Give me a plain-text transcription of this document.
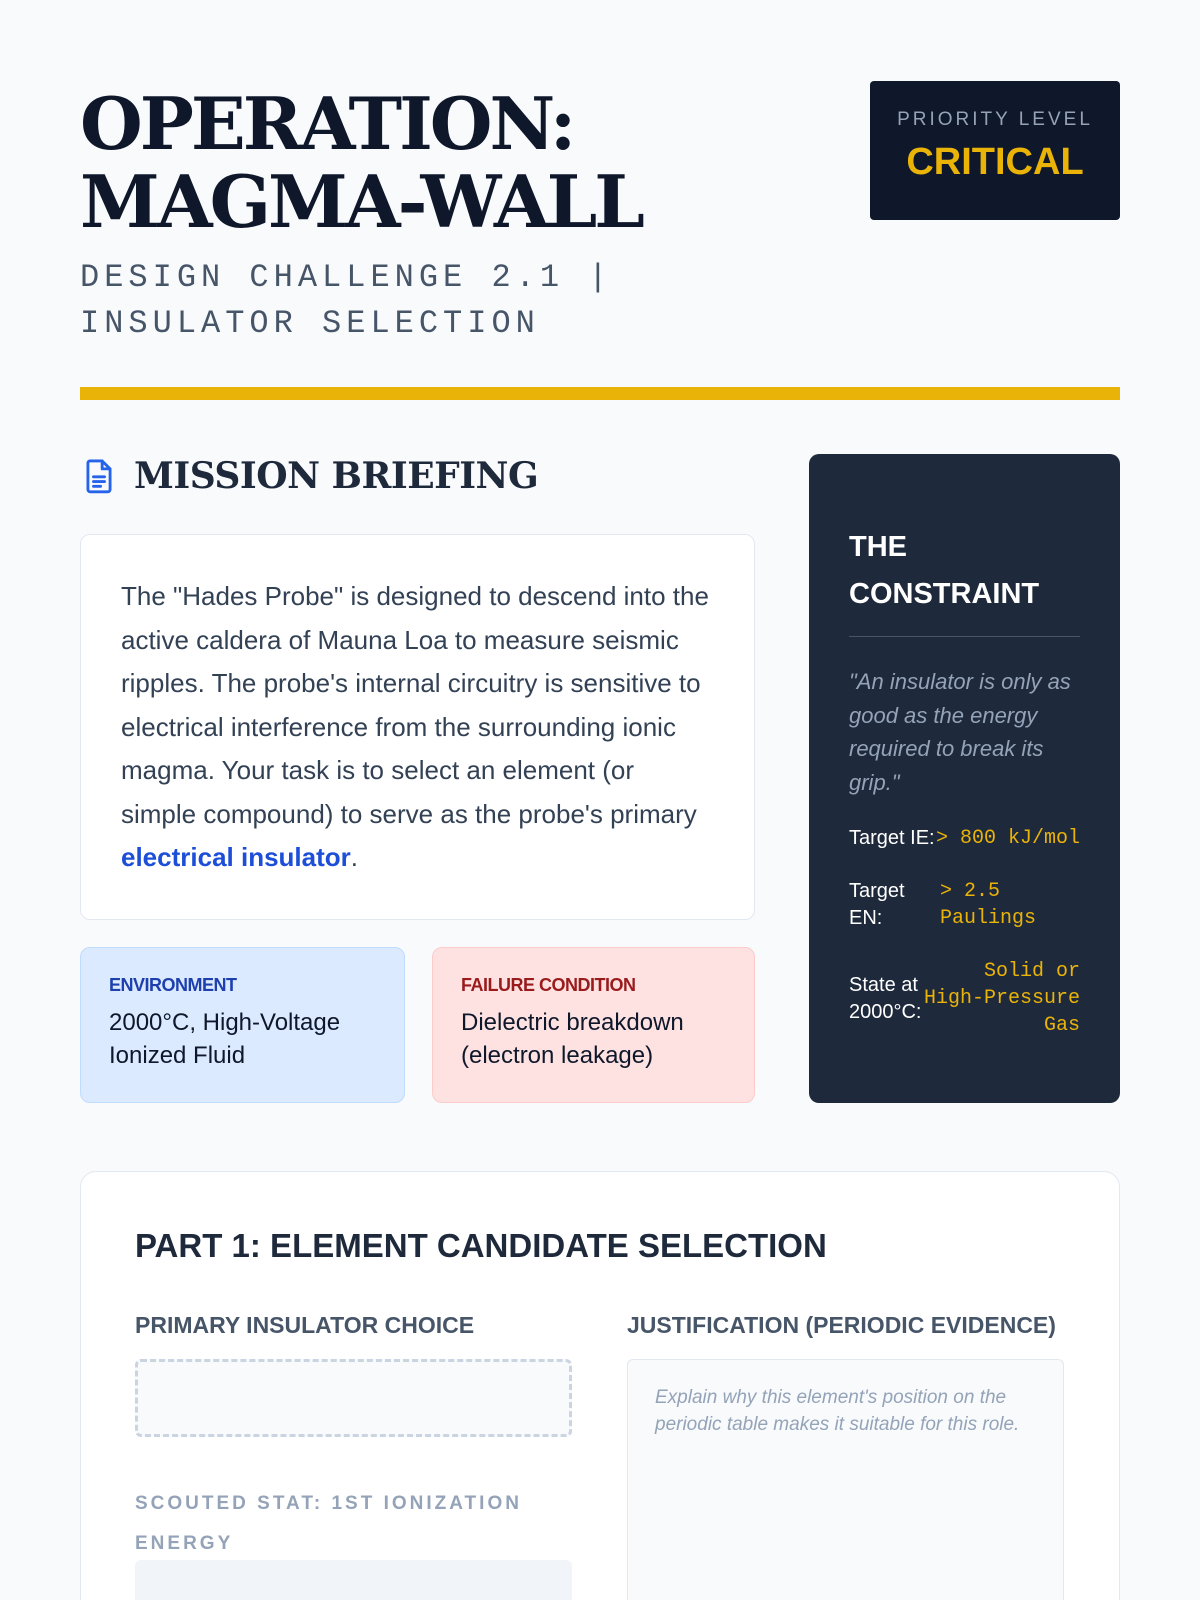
OPERATION:
MAGMA-WALL
DESIGN CHALLENGE 2.1 | INSULATOR SELECTION
PRIORITY LEVEL
CRITICAL
MISSION BRIEFING
The "Hades Probe" is designed to descend into the active caldera of Mauna Loa to measure seismic ripples. The probe's internal circuitry is sensitive to electrical interference from the surrounding ionic magma. Your task is to select an element (or simple compound) to serve as the probe's primary electrical insulator.
ENVIRONMENT
2000°C, High-Voltage Ionized Fluid
FAILURE CONDITION
Dielectric breakdown (electron leakage)
THE CONSTRAINT
"An insulator is only as good as the energy required to break its grip."
Target IE: > 800 kJ/mol
Target EN:
> 2.5 Paulings
State at 2000°C:
Solid or High-Pressure Gas
PART 1: ELEMENT CANDIDATE SELECTION
PRIMARY INSULATOR CHOICE	JUSTIFICATION (PERIODIC EVIDENCE)
Explain why this element's position on the periodic table makes it suitable for this role.
SCOUTED STAT: 1ST IONIZATION ENERGY
